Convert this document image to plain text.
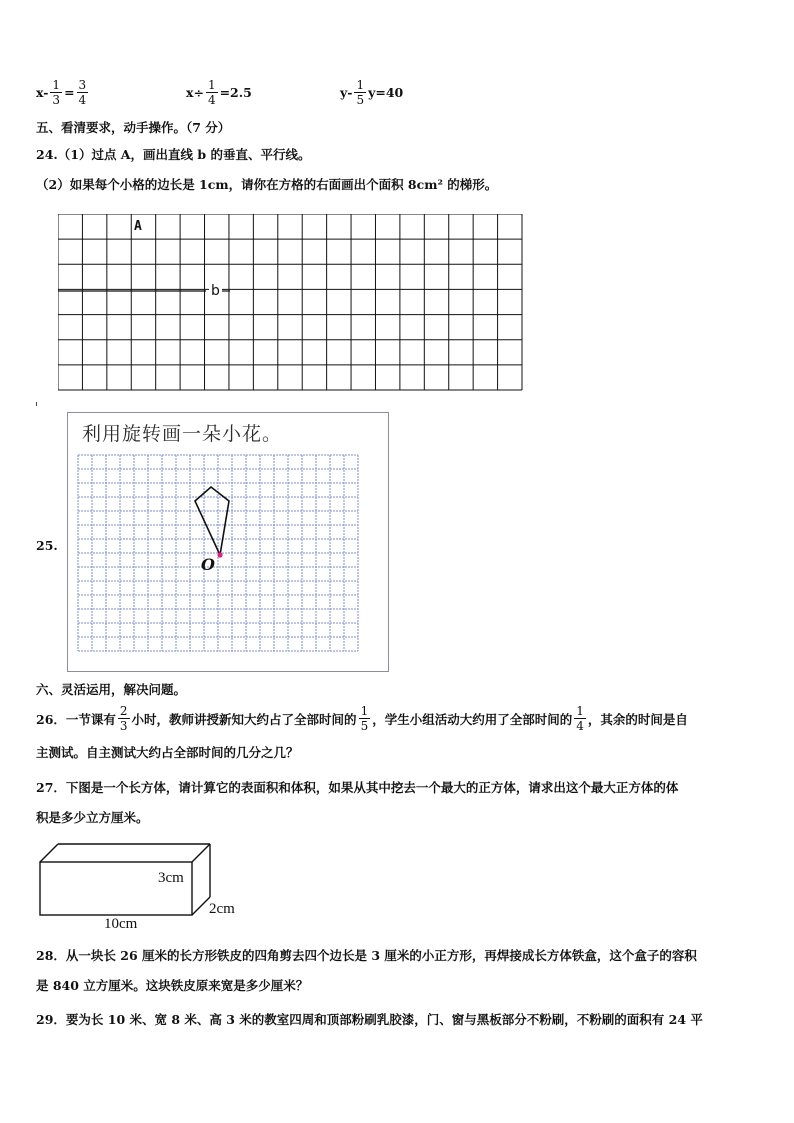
$x- \frac{1}{3} = \frac{3}{4}$	$x\div \frac{1}{4} =2.5$	$y- \frac{1}{5} y=40$
五、看清要求，动手操作。（7 分）
24.（1）过点 A，画出直线 b 的垂直、平行线。
（2）如果每个小格的边长是 1cm，请你在方格的右面画出个面积 8cm² 的梯形。
A
b
25.
利用旋转画一朵小花。
O
六、灵活运用，解决问题。
26．一节课有 $\frac{2}{3}$ 小时，教师讲授新知大约占了全部时间的 $\frac{1}{5}$ ，学生小组活动大约用了全部时间的 $\frac{1}{4}$ ，其余的时间是自
主测试。自主测试大约占全部时间的几分之几？
27．下图是一个长方体，请计算它的表面积和体积，如果从其中挖去一个最大的正方体，请求出这个最大正方体的体
积是多少立方厘米。
3cm
2cm
10cm
28．从一块长 26 厘米的长方形铁皮的四角剪去四个边长是 3 厘米的小正方形，再焊接成长方体铁盒，这个盒子的容积
是 840 立方厘米。这块铁皮原来宽是多少厘米？
29．要为长 10 米、宽 8 米、高 3 米的教室四周和顶部粉刷乳胶漆，门、窗与黑板部分不粉刷，不粉刷的面积有 24 平
